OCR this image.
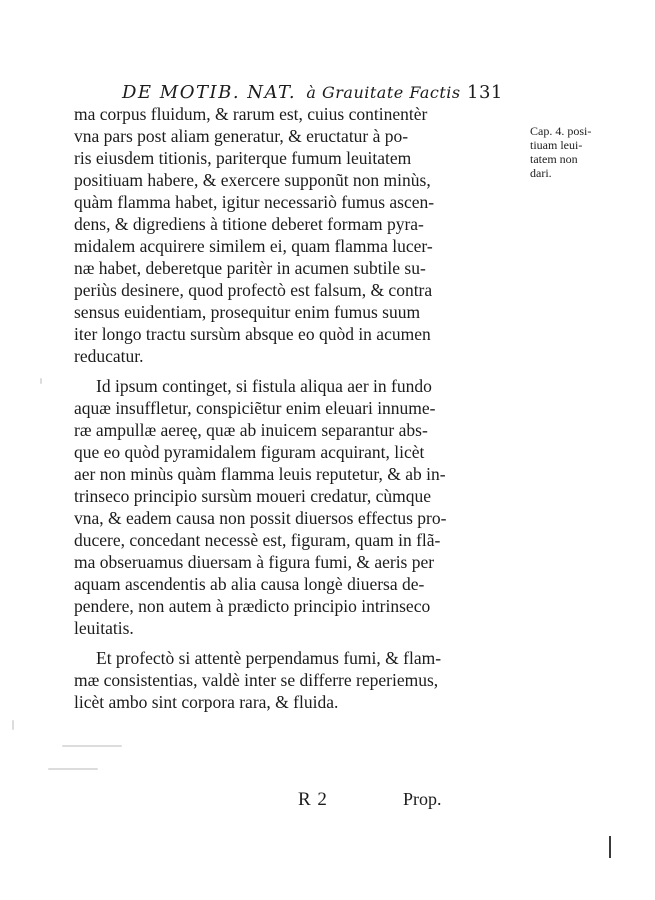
DE MOTIB. NAT. à Grauitate Factis 131
ma corpus fluidum, & rarum est, cuius continentèr
vna pars post aliam generatur, & eructatur à po-
ris eiusdem titionis, pariterque fumum leuitatem
positiuam habere, & exercere supponũt non minùs,
quàm flamma habet, igitur necessariò fumus ascen-
dens, & digrediens à titione deberet formam pyra-
midalem acquirere similem ei, quam flamma lucer-
næ habet, deberetque paritèr in acumen subtile su-
periùs desinere, quod profectò est falsum, & contra
sensus euidentiam, prosequitur enim fumus suum
iter longo tractu sursùm absque eo quòd in acumen
reducatur.
Id ipsum continget, si fistula aliqua aer in fundo
aquæ insuffletur, conspiciẽtur enim eleuari innume-
ræ ampullæ aereę, quæ ab inuicem separantur abs-
que eo quòd pyramidalem figuram acquirant, licèt
aer non minùs quàm flamma leuis reputetur, & ab in-
trinseco principio sursùm moueri credatur, cùmque
vna, & eadem causa non possit diuersos effectus pro-
ducere, concedant necessè est, figuram, quam in flã-
ma obseruamus diuersam à figura fumi, & aeris per
aquam ascendentis ab alia causa longè diuersa de-
pendere, non autem à prædicto principio intrinseco
leuitatis.
Et profectò si attentè perpendamus fumi, & flam-
mæ consistentias, valdè inter se differre reperiemus,
licèt ambo sint corpora rara, & fluida.
Cap. 4. posi-
tiuam leui-
tatem non
dari.
R 2	Prop.
